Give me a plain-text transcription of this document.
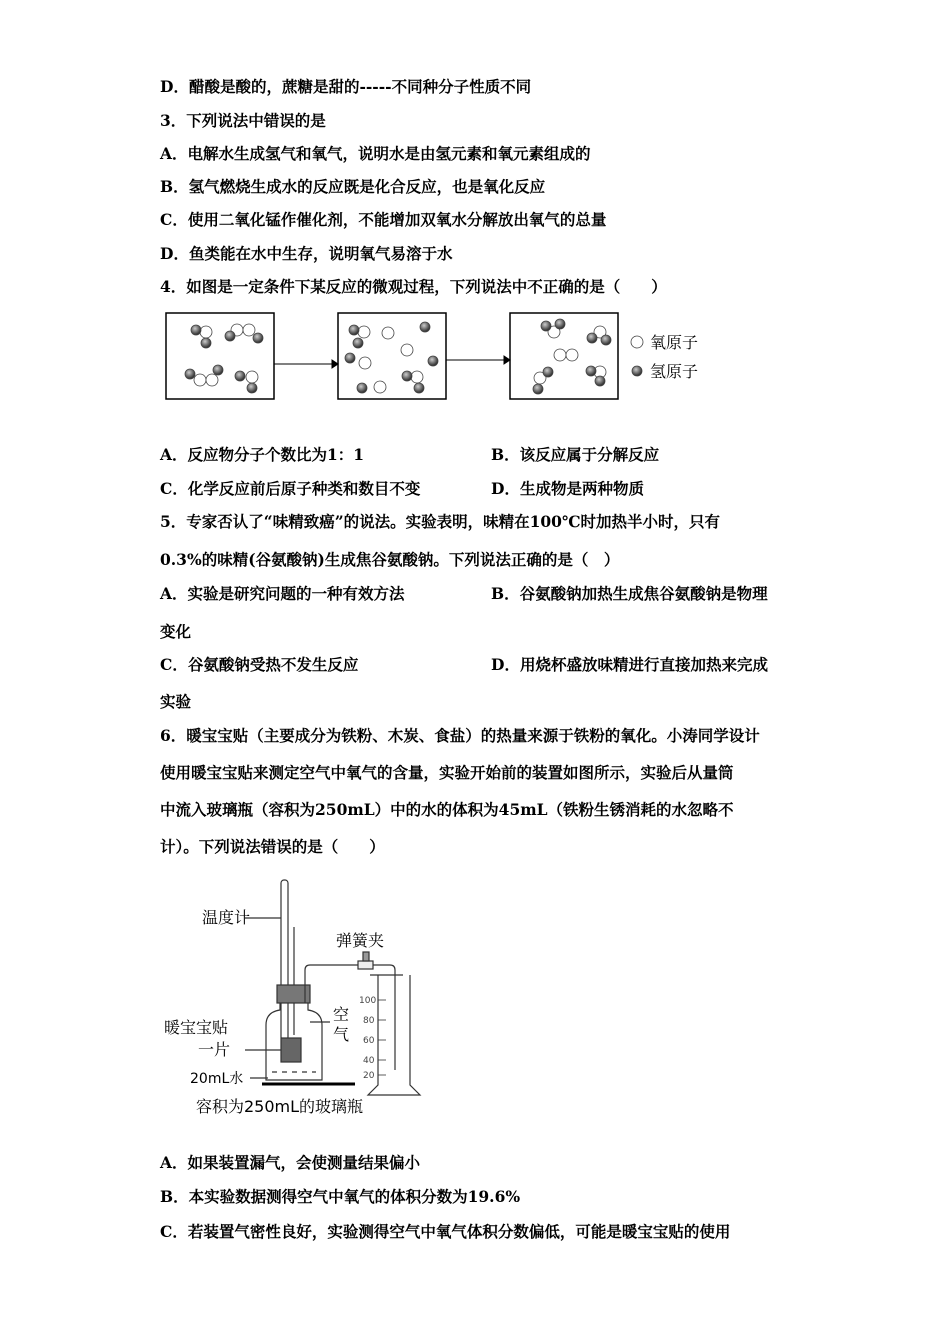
D．醋酸是酸的，蔗糖是甜的-----不同种分子性质不同
3．下列说法中错误的是
A．电解水生成氢气和氧气，说明水是由氢元素和氧元素组成的
B．氢气燃烧生成水的反应既是化合反应，也是氧化反应
C．使用二氧化锰作催化剂，不能增加双氧水分解放出氧气的总量
D．鱼类能在水中生存，说明氧气易溶于水
4．如图是一定条件下某反应的微观过程，下列说法中不正确的是（　　）
氧原子
氢原子
A．反应物分子个数比为1：1	B．该反应属于分解反应
C．化学反应前后原子种类和数目不变	D．生成物是两种物质
5．专家否认了“味精致癌”的说法。实验表明，味精在100℃时加热半小时，只有
0.3%的味精(谷氨酸钠)生成焦谷氨酸钠。下列说法正确的是（　）
A．实验是研究问题的一种有效方法	B．谷氨酸钠加热生成焦谷氨酸钠是物理
变化
C．谷氨酸钠受热不发生反应	D．用烧杯盛放味精进行直接加热来完成
实验
6．暖宝宝贴（主要成分为铁粉、木炭、食盐）的热量来源于铁粉的氧化。小涛同学设计
使用暖宝宝贴来测定空气中氧气的含量，实验开始前的装置如图所示，实验后从量筒
中流入玻璃瓶（容积为250mL）中的水的体积为45mL（铁粉生锈消耗的水忽略不
计）。下列说法错误的是（　　）
温度计
弹簧夹
空
气
暖宝宝贴
一片
20mL水
容积为250mL的玻璃瓶
100
80
60
40
20
A．如果装置漏气，会使测量结果偏小
B．本实验数据测得空气中氧气的体积分数为19.6%
C．若装置气密性良好，实验测得空气中氧气体积分数偏低，可能是暖宝宝贴的使用
